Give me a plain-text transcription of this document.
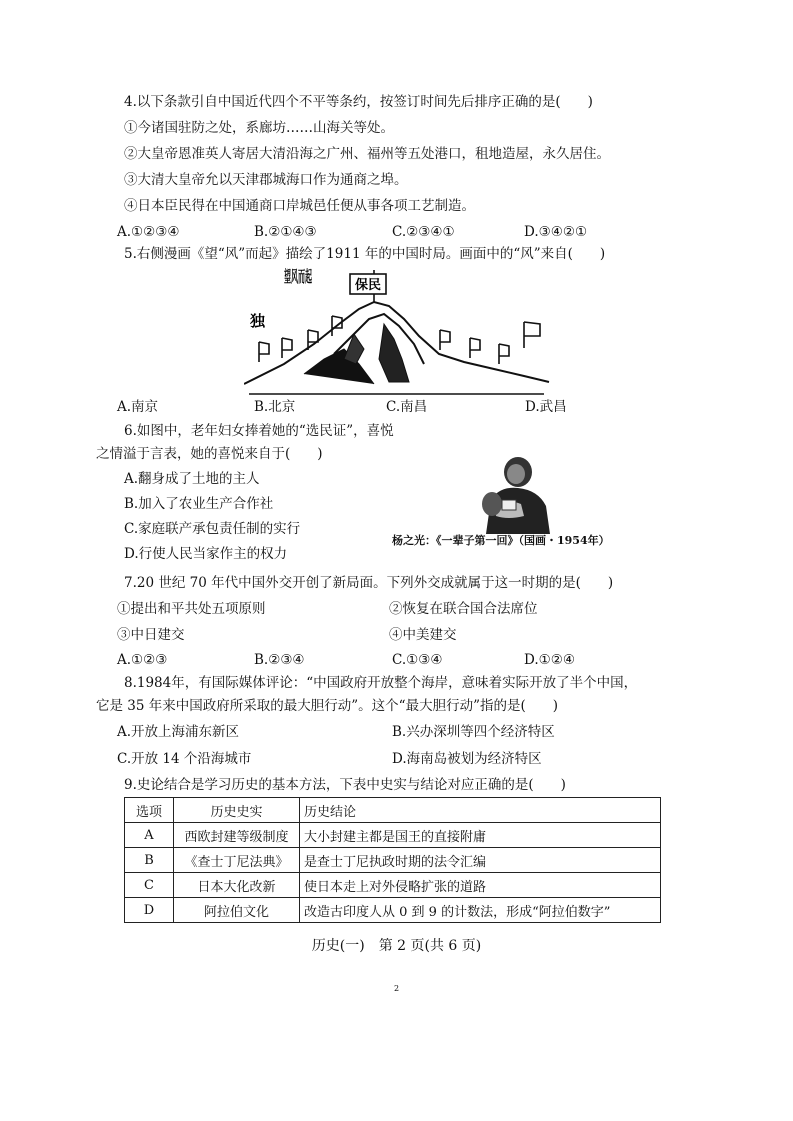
4.以下条款引自中国近代四个不平等条约，按签订时间先后排序正确的是(　　)
①今诸国驻防之处，系廊坊……山海关等处。
②大皇帝恩准英人寄居大清沿海之广州、福州等五处港口，租地造屋，永久居住。
③大清大皇帝允以天津郡城海口作为通商之埠。
④日本臣民得在中国通商口岸城邑任便从事各项工艺制造。
A.①②③④	B.②①④③	C.②③④①	D.③④②①
5.右侧漫画《望“风”而起》描绘了1911 年的中国时局。画面中的“风”来自(　　)
保民
望风而起
独
A.南京	B.北京	C.南昌	D.武昌
6.如图中，老年妇女捧着她的“选民证”，喜悦
之情溢于言表，她的喜悦来自于(　　)
A.翻身成了土地的主人
B.加入了农业生产合作社
C.家庭联产承包责任制的实行
D.行使人民当家作主的权力
杨之光：《一辈子第一回》（国画・1954年）
7.20 世纪 70 年代中国外交开创了新局面。下列外交成就属于这一时期的是(　　)
①提出和平共处五项原则	②恢复在联合国合法席位
③中日建交	④中美建交
A.①②③	B.②③④	C.①③④	D.①②④
8.1984年，有国际媒体评论：“中国政府开放整个海岸，意味着实际开放了半个中国，
它是 35 年来中国政府所采取的最大胆行动”。这个“最大胆行动”指的是(　　)
A.开放上海浦东新区	B.兴办深圳等四个经济特区
C.开放 14 个沿海城市	D.海南岛被划为经济特区
9.史论结合是学习历史的基本方法，下表中史实与结论对应正确的是(　　)
选项	历史史实	历史结论
A	西欧封建等级制度	大小封建主都是国王的直接附庸
B	《查士丁尼法典》	是查士丁尼执政时期的法令汇编
C	日本大化改新	使日本走上对外侵略扩张的道路
D	阿拉伯文化	改造古印度人从 0 到 9 的计数法，形成“阿拉伯数字”
历史(一)　第 2 页(共 6 页)
2
